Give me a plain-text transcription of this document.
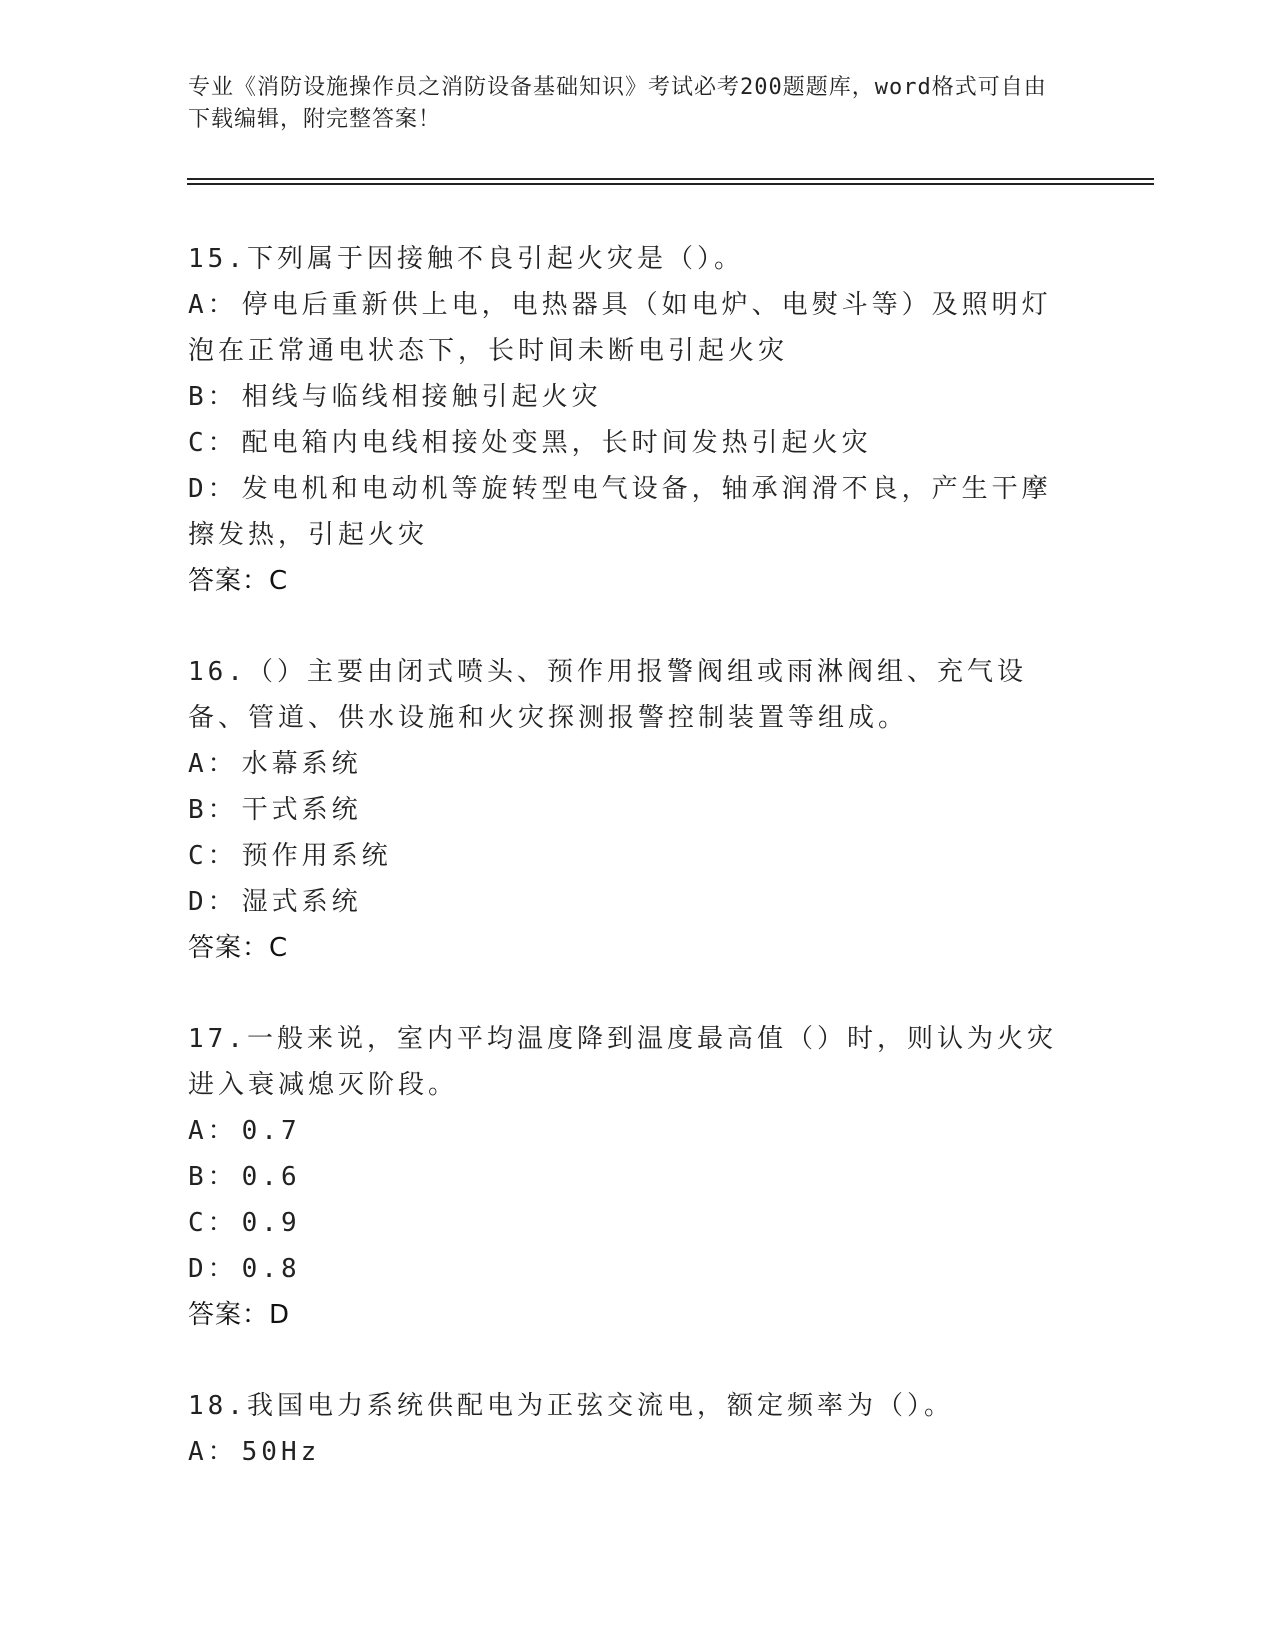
专业《消防设施操作员之消防设备基础知识》考试必考200题题库，word格式可自由下载编辑，附完整答案！
15.下列属于因接触不良引起火灾是（）。
A： 停电后重新供上电，电热器具（如电炉、电熨斗等）及照明灯泡在正常通电状态下，长时间未断电引起火灾
B： 相线与临线相接触引起火灾
C： 配电箱内电线相接处变黑，长时间发热引起火灾
D： 发电机和电动机等旋转型电气设备，轴承润滑不良，产生干摩擦发热，引起火灾
答案：C
16.（）主要由闭式喷头、预作用报警阀组或雨淋阀组、充气设备、管道、供水设施和火灾探测报警控制装置等组成。
A： 水幕系统
B： 干式系统
C： 预作用系统
D： 湿式系统
答案：C
17.一般来说，室内平均温度降到温度最高值（）时，则认为火灾进入衰减熄灭阶段。
A： 0.7
B： 0.6
C： 0.9
D： 0.8
答案：D
18.我国电力系统供配电为正弦交流电，额定频率为（）。
A： 50Hz
